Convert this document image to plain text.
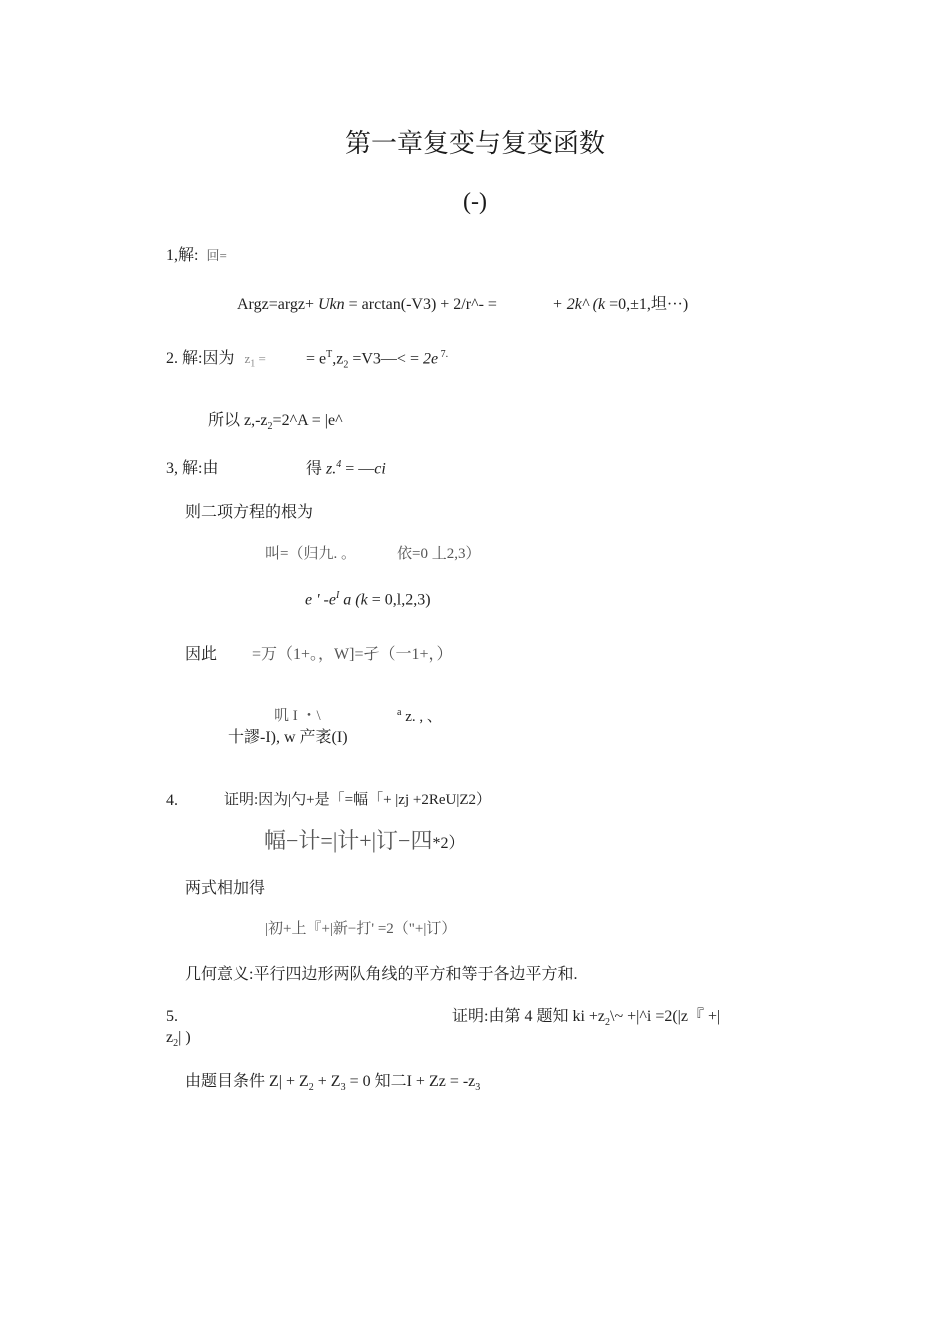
第一章复变与复变函数
(-)
1,解: 回=
Argz=argz+ Ukn = arctan(-V3) + 2/r^- =	+ 2k^ (k =0,±1,坦···)
2. 解:因为 $z_1$ =	= $e^T,z_2$ =V3—< = 2e $^{7.}$
所以 $z,-z_2=2\^{}A$ = |e^
3, 解:由	得 z.$^4$ = —ci
则二项方程的根为
叫=（归九. 。	依=0 丄2,3）
e ' $-e^I$ a (k = 0,l,2,3)
因此 =万（1+。，W]=孑（一1+，）
叽 I ・\	$^a$ z. , 、
十謬-I), w 产袤(I)
4.	证明:因为|勺+是「=幅「+ |zj +2ReU|Z2）
幅−计=|计+|订−四*2）
两式相加得
|初+上『+|新−打' =2（"+|订）
几何意义:平行四边形两队角线的平方和等于各边平方和.
5.	证明:由第 4 题知 ki $+z_2\backslash\sim$ +|^i =2(|z『 +|
$z_2|$ )
由题目条件 $Z| + Z_2 + Z_3 = 0$ 知二$I + Zz = -z_3$
